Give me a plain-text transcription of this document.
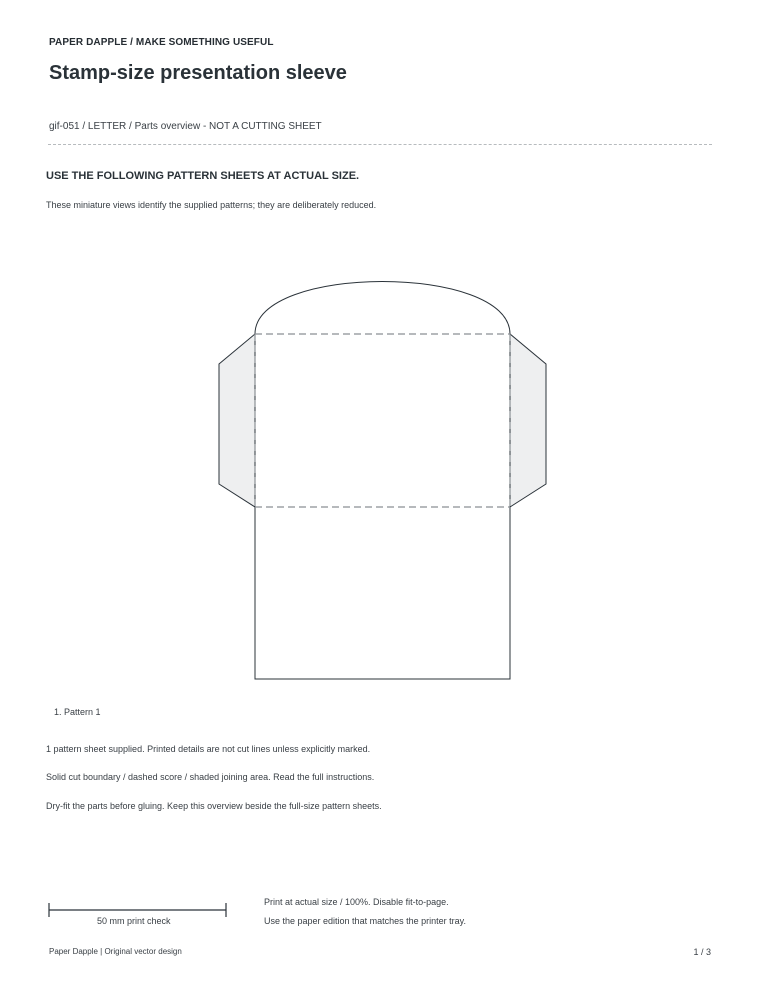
PAPER DAPPLE / MAKE SOMETHING USEFUL
Stamp-size presentation sleeve
gif-051 / LETTER / Parts overview - NOT A CUTTING SHEET
USE THE FOLLOWING PATTERN SHEETS AT ACTUAL SIZE.
These miniature views identify the supplied patterns; they are deliberately reduced.
1. Pattern 1
1 pattern sheet supplied. Printed details are not cut lines unless explicitly marked.
Solid cut boundary / dashed score / shaded joining area. Read the full instructions.
Dry-fit the parts before gluing. Keep this overview beside the full-size pattern sheets.
50 mm print check
Print at actual size / 100%. Disable fit-to-page.
Use the paper edition that matches the printer tray.
Paper Dapple | Original vector design	1 / 3
